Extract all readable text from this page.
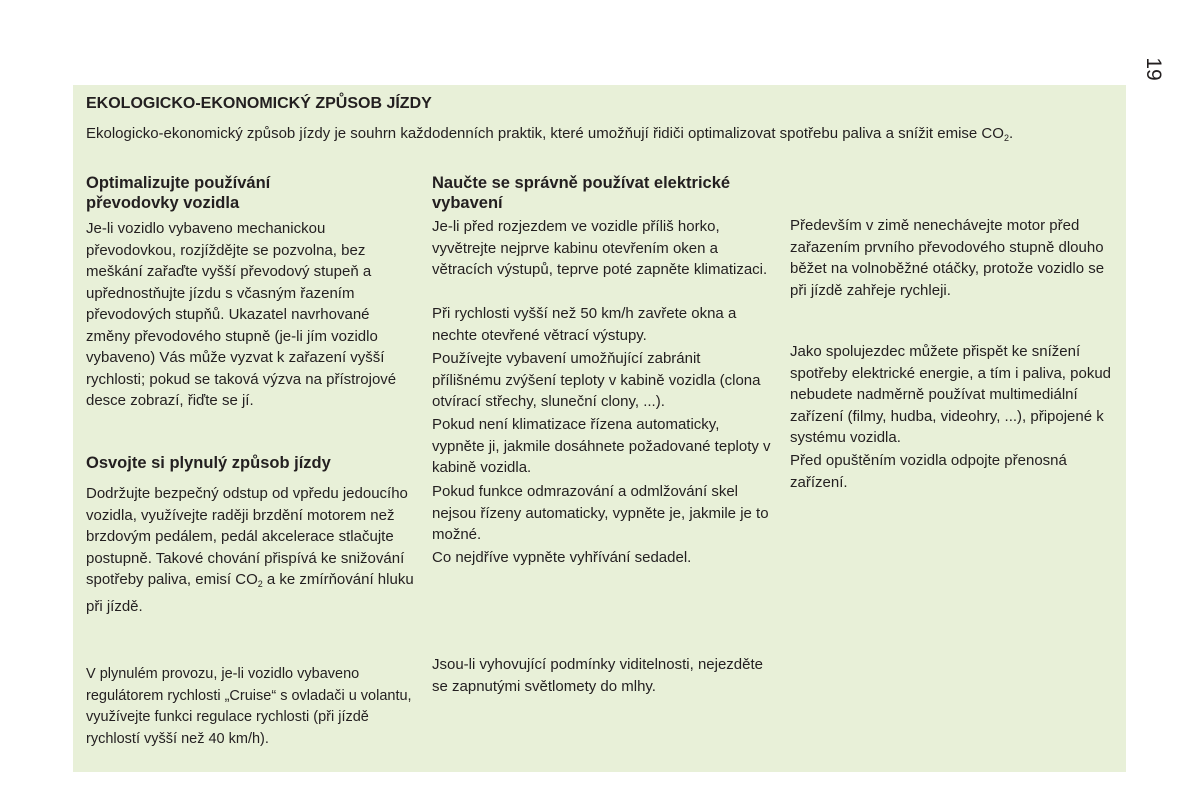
19
EKOLOGICKO-EKONOMICKÝ ZPŮSOB JÍZDY

Ekologicko-ekonomický způsob jízdy je souhrn každodenních praktik, které umožňují řidiči optimalizovat spotřebu paliva a snížit emise $CO_2$.

Optimalizujte používání převodovky vozidla

Je-li vozidlo vybaveno mechanickou převodovkou, rozjíždějte se pozvolna, bez meškání zařaďte vyšší převodový stupeň a upřednostňujte jízdu s včasným řazením převodových stupňů. Ukazatel navrhované změny převodového stupně (je-li jím vozidlo vybaveno) Vás může vyzvat k zařazení vyšší rychlosti; pokud se taková výzva na přístrojové desce zobrazí, řiďte se jí.

Osvojte si plynulý způsob jízdy

Dodržujte bezpečný odstup od vpředu jedoucího vozidla, využívejte raději brzdění motorem než brzdovým pedálem, pedál akcelerace stlačujte postupně. Takové chování přispívá ke snižování spotřeby paliva, emisí $CO_2$ a ke zmírňování hluku při jízdě.

V plynulém provozu, je-li vozidlo vybaveno regulátorem rychlosti „Cruise“ s ovladači u volantu, využívejte funkci regulace rychlosti (při jízdě rychlostí vyšší než 40 km/h).

Naučte se správně používat elektrické vybavení

Je-li před rozjezdem ve vozidle příliš horko, vyvětrejte nejprve kabinu otevřením oken a větracích výstupů, teprve poté zapněte klimatizaci.

Při rychlosti vyšší než 50 km/h zavřete okna a nechte otevřené větrací výstupy.

Používejte vybavení umožňující zabránit přílišnému zvýšení teploty v kabině vozidla (clona otvírací střechy, sluneční clony, ...).

Pokud není klimatizace řízena automaticky, vypněte ji, jakmile dosáhnete požadované teploty v kabině vozidla.

Pokud funkce odmrazování a odmlžování skel nejsou řízeny automaticky, vypněte je, jakmile je to možné.

Co nejdříve vypněte vyhřívání sedadel.

Jsou-li vyhovující podmínky viditelnosti, nejezděte se zapnutými světlomety do mlhy.

Především v zimě nenechávejte motor před zařazením prvního převodového stupně dlouho běžet na volnoběžné otáčky, protože vozidlo se při jízdě zahřeje rychleji.

Jako spolujezdec můžete přispět ke snížení spotřeby elektrické energie, a tím i paliva, pokud nebudete nadměrně používat multimediální zařízení (filmy, hudba, videohry, ...), připojené k systému vozidla.

Před opuštěním vozidla odpojte přenosná zařízení.
